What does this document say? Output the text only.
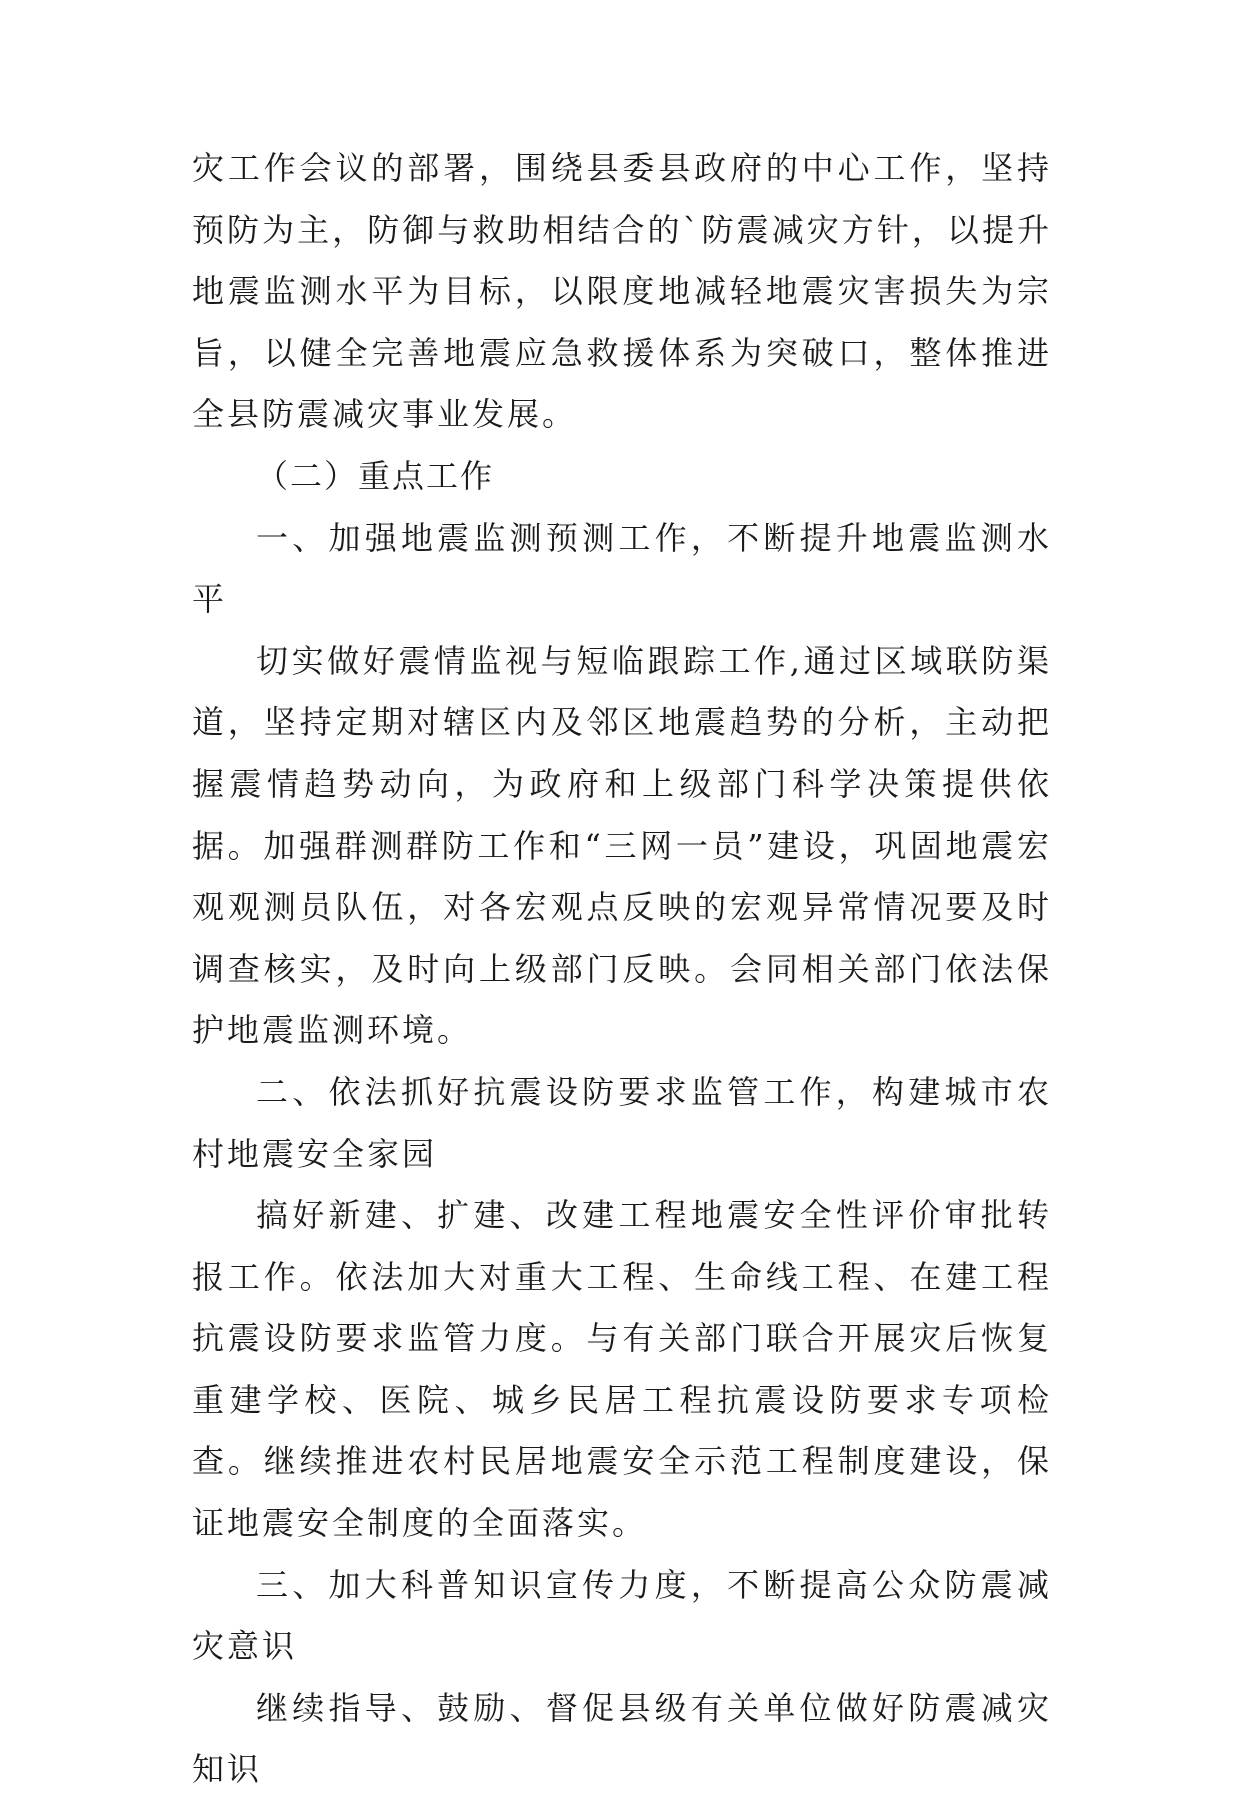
灾工作会议的部署，围绕县委县政府的中心工作，坚持预防为主，防御与救助相结合的`防震减灾方针，以提升地震监测水平为目标，以限度地减轻地震灾害损失为宗旨，以健全完善地震应急救援体系为突破口，整体推进全县防震减灾事业发展。

（二）重点工作

一、加强地震监测预测工作，不断提升地震监测水平

切实做好震情监视与短临跟踪工作,通过区域联防渠道，坚持定期对辖区内及邻区地震趋势的分析，主动把握震情趋势动向，为政府和上级部门科学决策提供依据。加强群测群防工作和“三网一员”建设，巩固地震宏观观测员队伍，对各宏观点反映的宏观异常情况要及时调查核实，及时向上级部门反映。会同相关部门依法保护地震监测环境。

二、依法抓好抗震设防要求监管工作，构建城市农村地震安全家园

搞好新建、扩建、改建工程地震安全性评价审批转报工作。依法加大对重大工程、生命线工程、在建工程抗震设防要求监管力度。与有关部门联合开展灾后恢复重建学校、医院、城乡民居工程抗震设防要求专项检查。继续推进农村民居地震安全示范工程制度建设，保证地震安全制度的全面落实。

三、加大科普知识宣传力度，不断提高公众防震减灾意识

继续指导、鼓励、督促县级有关单位做好防震减灾知识
